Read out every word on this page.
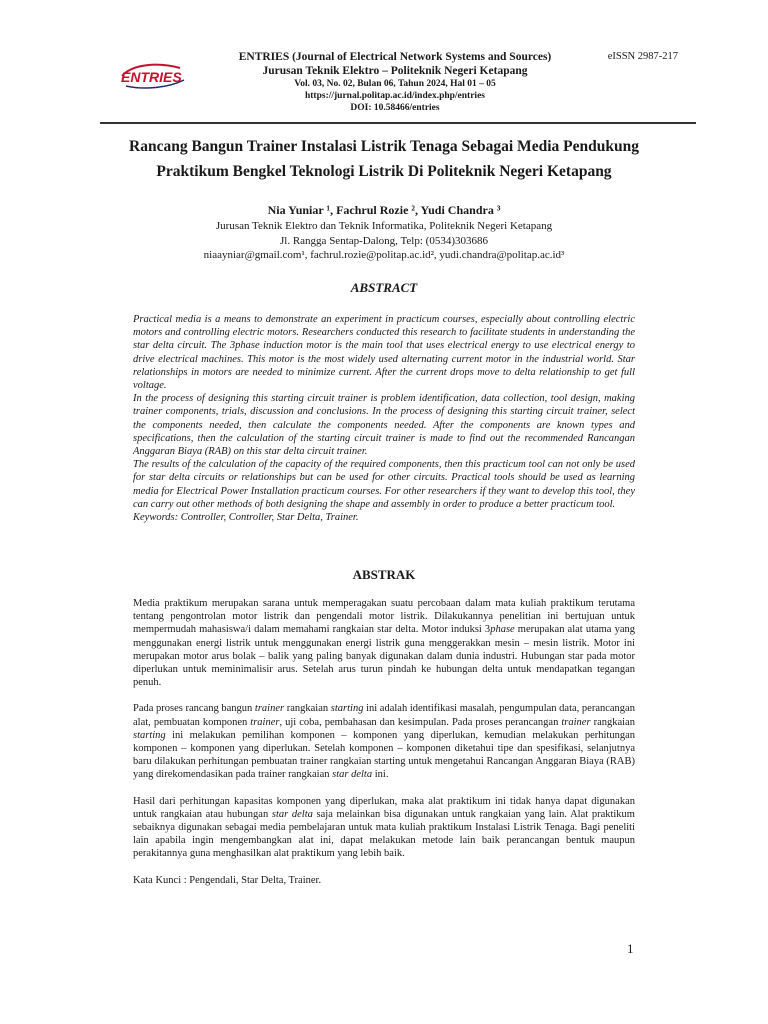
ENTRIES
ENTRIES (Journal of Electrical Network Systems and Sources)
Jurusan Teknik Elektro – Politeknik Negeri Ketapang
Vol. 03, No. 02, Bulan 06, Tahun 2024, Hal 01 – 05
https://jurnal.politap.ac.id/index.php/entries
DOI: 10.58466/entries
eISSN 2987-217
Rancang Bangun Trainer Instalasi Listrik Tenaga Sebagai Media Pendukung Praktikum Bengkel Teknologi Listrik Di Politeknik Negeri Ketapang
Nia Yuniar ¹, Fachrul Rozie ², Yudi Chandra ³
Jurusan Teknik Elektro dan Teknik Informatika, Politeknik Negeri Ketapang
Jl. Rangga Sentap-Dalong, Telp: (0534)303686
niaayniar@gmail.com¹, fachrul.rozie@politap.ac.id², yudi.chandra@politap.ac.id³
ABSTRACT

Practical media is a means to demonstrate an experiment in practicum courses, especially about controlling electric motors and controlling electric motors. Researchers conducted this research to facilitate students in understanding the star delta circuit. The 3phase induction motor is the main tool that uses electrical energy to use electrical energy to drive electrical machines. This motor is the most widely used alternating current motor in the industrial world. Star relationships in motors are needed to minimize current. After the current drops move to delta relationship to get full voltage.

In the process of designing this starting circuit trainer is problem identification, data collection, tool design, making trainer components, trials, discussion and conclusions. In the process of designing this starting circuit trainer, select the components needed, then calculate the components needed. After the components are known types and specifications, then the calculation of the starting circuit trainer is made to find out the recommended Rancangan Anggaran Biaya (RAB) on this star delta circuit trainer.

The results of the calculation of the capacity of the required components, then this practicum tool can not only be used for star delta circuits or relationships but can be used for other circuits. Practical tools should be used as learning media for Electrical Power Installation practicum courses. For other researchers if they want to develop this tool, they can carry out other methods of both designing the shape and assembly in order to produce a better practicum tool.

Keywords: Controller, Controller, Star Delta, Trainer.

ABSTRAK

Media praktikum merupakan sarana untuk memperagakan suatu percobaan dalam mata kuliah praktikum terutama tentang pengontrolan motor listrik dan pengendali motor listrik. Dilakukannya penelitian ini bertujuan untuk mempermudah mahasiswa/i dalam memahami rangkaian star delta. Motor induksi 3phase merupakan alat utama yang menggunakan energi listrik untuk menggunakan energi listrik guna menggerakkan mesin – mesin listrik. Motor ini merupakan motor arus bolak – balik yang paling banyak digunakan dalam dunia industri. Hubungan star pada motor diperlukan untuk meminimalisir arus. Setelah arus turun pindah ke hubungan delta untuk mendapatkan tegangan penuh.

Pada proses rancang bangun trainer rangkaian starting ini adalah identifikasi masalah, pengumpulan data, perancangan alat, pembuatan komponen trainer, uji coba, pembahasan dan kesimpulan. Pada proses perancangan trainer rangkaian starting ini melakukan pemilihan komponen – komponen yang diperlukan, kemudian melakukan perhitungan komponen – komponen yang diperlukan. Setelah komponen – komponen diketahui tipe dan spesifikasi, selanjutnya baru dilakukan perhitungan pembuatan trainer rangkaian starting untuk mengetahui Rancangan Anggaran Biaya (RAB) yang direkomendasikan pada trainer rangkaian star delta ini.

Hasil dari perhitungan kapasitas komponen yang diperlukan, maka alat praktikum ini tidak hanya dapat digunakan untuk rangkaian atau hubungan star delta saja melainkan bisa digunakan untuk rangkaian yang lain. Alat praktikum sebaiknya digunakan sebagai media pembelajaran untuk mata kuliah praktikum Instalasi Listrik Tenaga. Bagi peneliti lain apabila ingin mengembangkan alat ini, dapat melakukan metode lain baik perancangan bentuk maupun perakitannya guna menghasilkan alat praktikum yang lebih baik.

Kata Kunci : Pengendali, Star Delta, Trainer.

1
